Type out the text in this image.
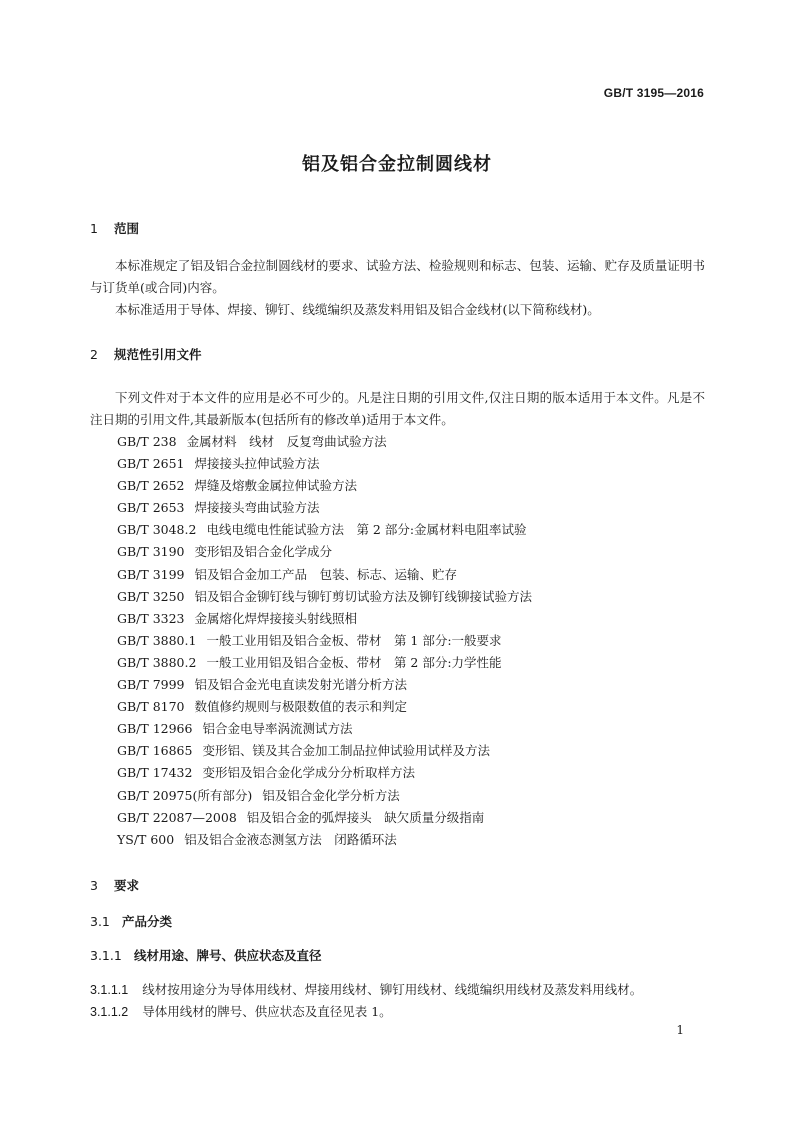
GB/T 3195—2016
铝及铝合金拉制圆线材
1 范围

本标准规定了铝及铝合金拉制圆线材的要求、试验方法、检验规则和标志、包装、运输、贮存及质量证明书与订货单(或合同)内容。

本标准适用于导体、焊接、铆钉、线缆编织及蒸发料用铝及铝合金线材(以下简称线材)。

2 规范性引用文件

下列文件对于本文件的应用是必不可少的。凡是注日期的引用文件,仅注日期的版本适用于本文件。凡是不注日期的引用文件,其最新版本(包括所有的修改单)适用于本文件。

GB/T 238 金属材料　线材　反复弯曲试验方法
GB/T 2651 焊接接头拉伸试验方法
GB/T 2652 焊缝及熔敷金属拉伸试验方法
GB/T 2653 焊接接头弯曲试验方法
GB/T 3048.2 电线电缆电性能试验方法　第 2 部分:金属材料电阻率试验
GB/T 3190 变形铝及铝合金化学成分
GB/T 3199 铝及铝合金加工产品　包装、标志、运输、贮存
GB/T 3250 铝及铝合金铆钉线与铆钉剪切试验方法及铆钉线铆接试验方法
GB/T 3323 金属熔化焊焊接接头射线照相
GB/T 3880.1 一般工业用铝及铝合金板、带材　第 1 部分:一般要求
GB/T 3880.2 一般工业用铝及铝合金板、带材　第 2 部分:力学性能
GB/T 7999 铝及铝合金光电直读发射光谱分析方法
GB/T 8170 数值修约规则与极限数值的表示和判定
GB/T 12966 铝合金电导率涡流测试方法
GB/T 16865 变形铝、镁及其合金加工制品拉伸试验用试样及方法
GB/T 17432 变形铝及铝合金化学成分分析取样方法
GB/T 20975(所有部分) 铝及铝合金化学分析方法
GB/T 22087—2008 铝及铝合金的弧焊接头　缺欠质量分级指南
YS/T 600 铝及铝合金液态测氢方法　闭路循环法
3 要求
3.1 产品分类
3.1.1 线材用途、牌号、供应状态及直径
3.1.1.1 线材按用途分为导体用线材、焊接用线材、铆钉用线材、线缆编织用线材及蒸发料用线材。
3.1.1.2 导体用线材的牌号、供应状态及直径见表 1。
1
